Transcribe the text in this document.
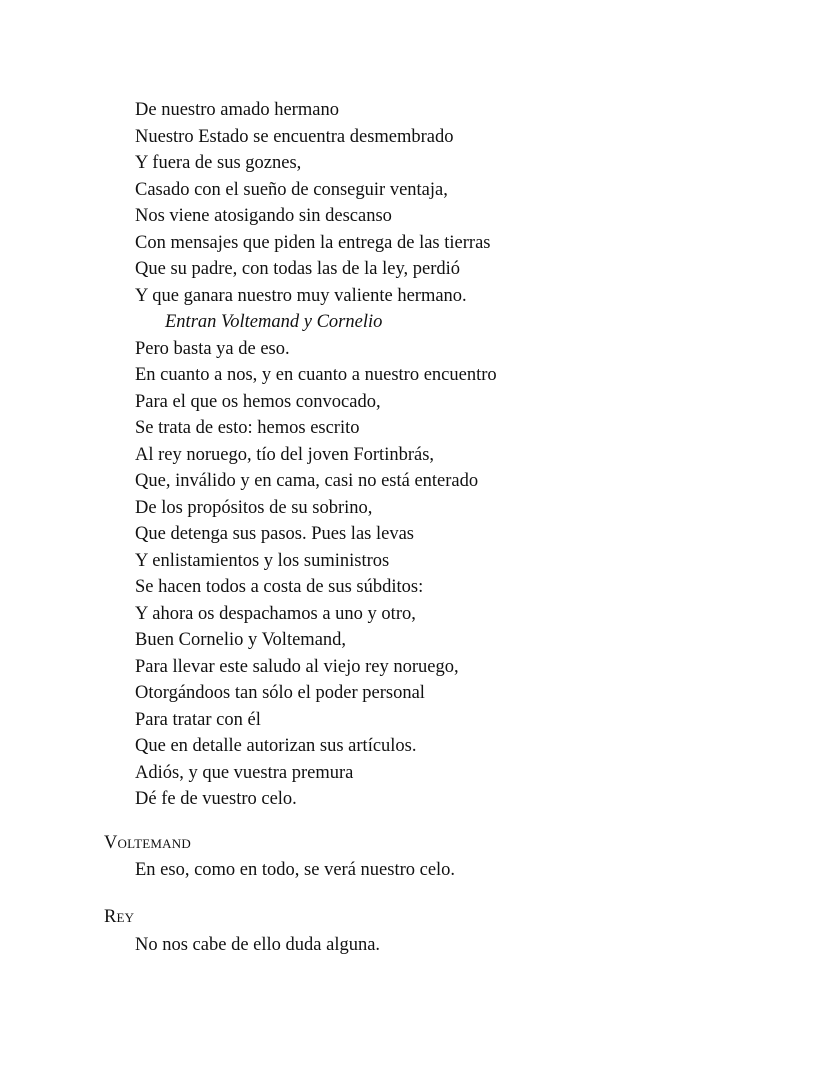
De nuestro amado hermano
Nuestro Estado se encuentra desmembrado
Y fuera de sus goznes,
Casado con el sueño de conseguir ventaja,
Nos viene atosigando sin descanso
Con mensajes que piden la entrega de las tierras
Que su padre, con todas las de la ley, perdió
Y que ganara nuestro muy valiente hermano.
Entran Voltemand y Cornelio
Pero basta ya de eso.
En cuanto a nos, y en cuanto a nuestro encuentro
Para el que os hemos convocado,
Se trata de esto: hemos escrito
Al rey noruego, tío del joven Fortinbrás,
Que, inválido y en cama, casi no está enterado
De los propósitos de su sobrino,
Que detenga sus pasos. Pues las levas
Y enlistamientos y los suministros
Se hacen todos a costa de sus súbditos:
Y ahora os despachamos a uno y otro,
Buen Cornelio y Voltemand,
Para llevar este saludo al viejo rey noruego,
Otorgándoos tan sólo el poder personal
Para tratar con él
Que en detalle autorizan sus artículos.
Adiós, y que vuestra premura
Dé fe de vuestro celo.
Voltemand
En eso, como en todo, se verá nuestro celo.
Rey
No nos cabe de ello duda alguna.
